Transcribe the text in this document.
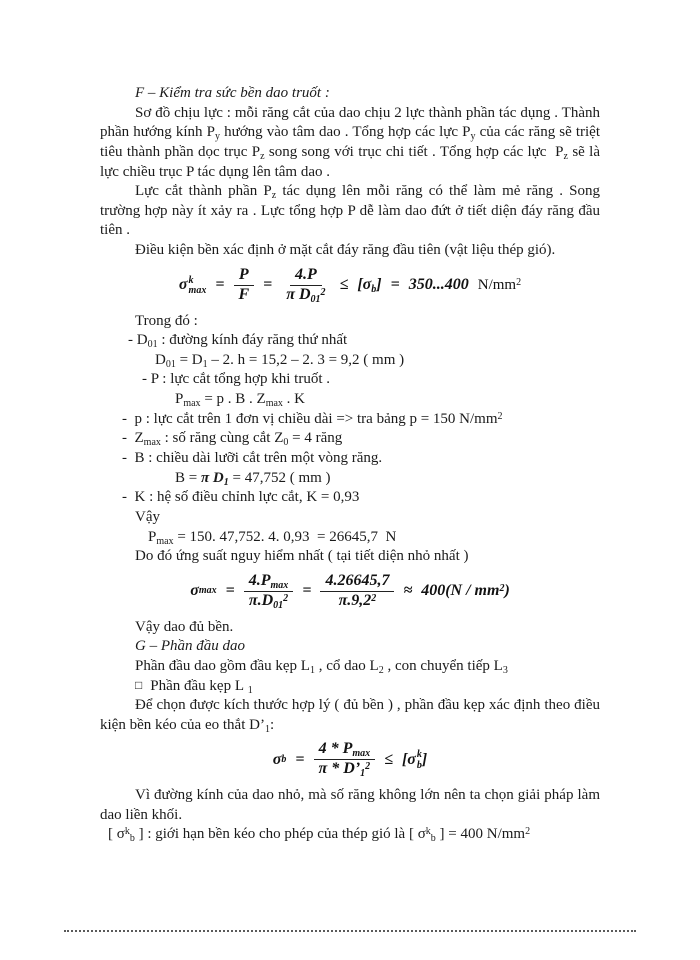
F – Kiểm tra sức bền dao truốt :

Sơ đồ chịu lực : mỗi răng cắt của dao chịu 2 lực thành phần tác dụng . Thành phần hướng kính $P_y$ hướng vào tâm dao . Tổng hợp các lực $P_y$ của các răng sẽ triệt tiêu thành phần dọc trục $P_z$ song song với trục chi tiết . Tổng hợp các lực  $P_z$ sẽ là lực chiều trục P tác dụng lên tâm dao .

Lực cắt thành phần $P_z$ tác dụng lên mỗi răng có thể làm mẻ răng . Song trường hợp này ít xảy ra . Lực tổng hợp P dễ làm dao đứt ở tiết diện đáy răng đầu tiên .

Điều kiện bền xác định ở mặt cắt đáy răng đầu tiên (vật liệu thép gió).

σ k
$\max = \frac{P}{F} = \frac{4.P}{\pi D_{01}^2} \le [\sigma_b] = 350...400$ $N/mm^2$

Trong đó :

- $D_{01}$ : đường kính đáy răng thứ nhất

$D_{01} = D_1 - 2$. h = 15,2 – 2. 3 = 9,2 ( mm )

- P : lực cắt tổng hợp khi truốt .

$P_{max} = p$ . B . $Z_{max}$ . K

-  p : lực cắt trên 1 đơn vị chiều dài => tra bảng p = 150 $N/mm^2$

-  $Z_{max}$ : số răng cùng cắt $Z_0 = 4$ răng

-  B : chiều dài lưỡi cắt trên một vòng răng.

B = π $D_1 = 47,752$ ( mm )

-  K : hệ số điều chỉnh lực cắt, K = 0,93

Vậy

$P_{max} = 150$. 47,752. 4. 0,93  = 26645,7  N

Do đó ứng suất nguy hiểm nhất ( tại tiết diện nhỏ nhất )

σ $\max = \frac{4.P_{max}}{\pi.D_{01}^2} = \frac{4.26645,7}{\pi.9,2^2} \approx 400(N / mm^2)$

Vậy dao đủ bền.

G – Phần đầu dao

Phần đầu dao gồm đầu kẹp $L_1$ , cổ dao $L_2$ , con chuyển tiếp $L_3$

□ Phần đầu kẹp L $_1$

Để chọn được kích thước hợp lý ( đủ bền ) , phần đầu kẹp xác định theo điều kiện bền kéo của eo thắt $D’_1$:

σ $b = \frac{4 * P_{max}}{\pi * D’_1^2}$ ≤ [ σ k
b ]

Vì đường kính của dao nhỏ, mà số răng không lớn nên ta chọn giải pháp làm dao liền khối.

[ $\sigma^k_b$ ] : giới hạn bền kéo cho phép của thép gió là [ $\sigma^k_b$ ] = 400 $N/mm^2$
